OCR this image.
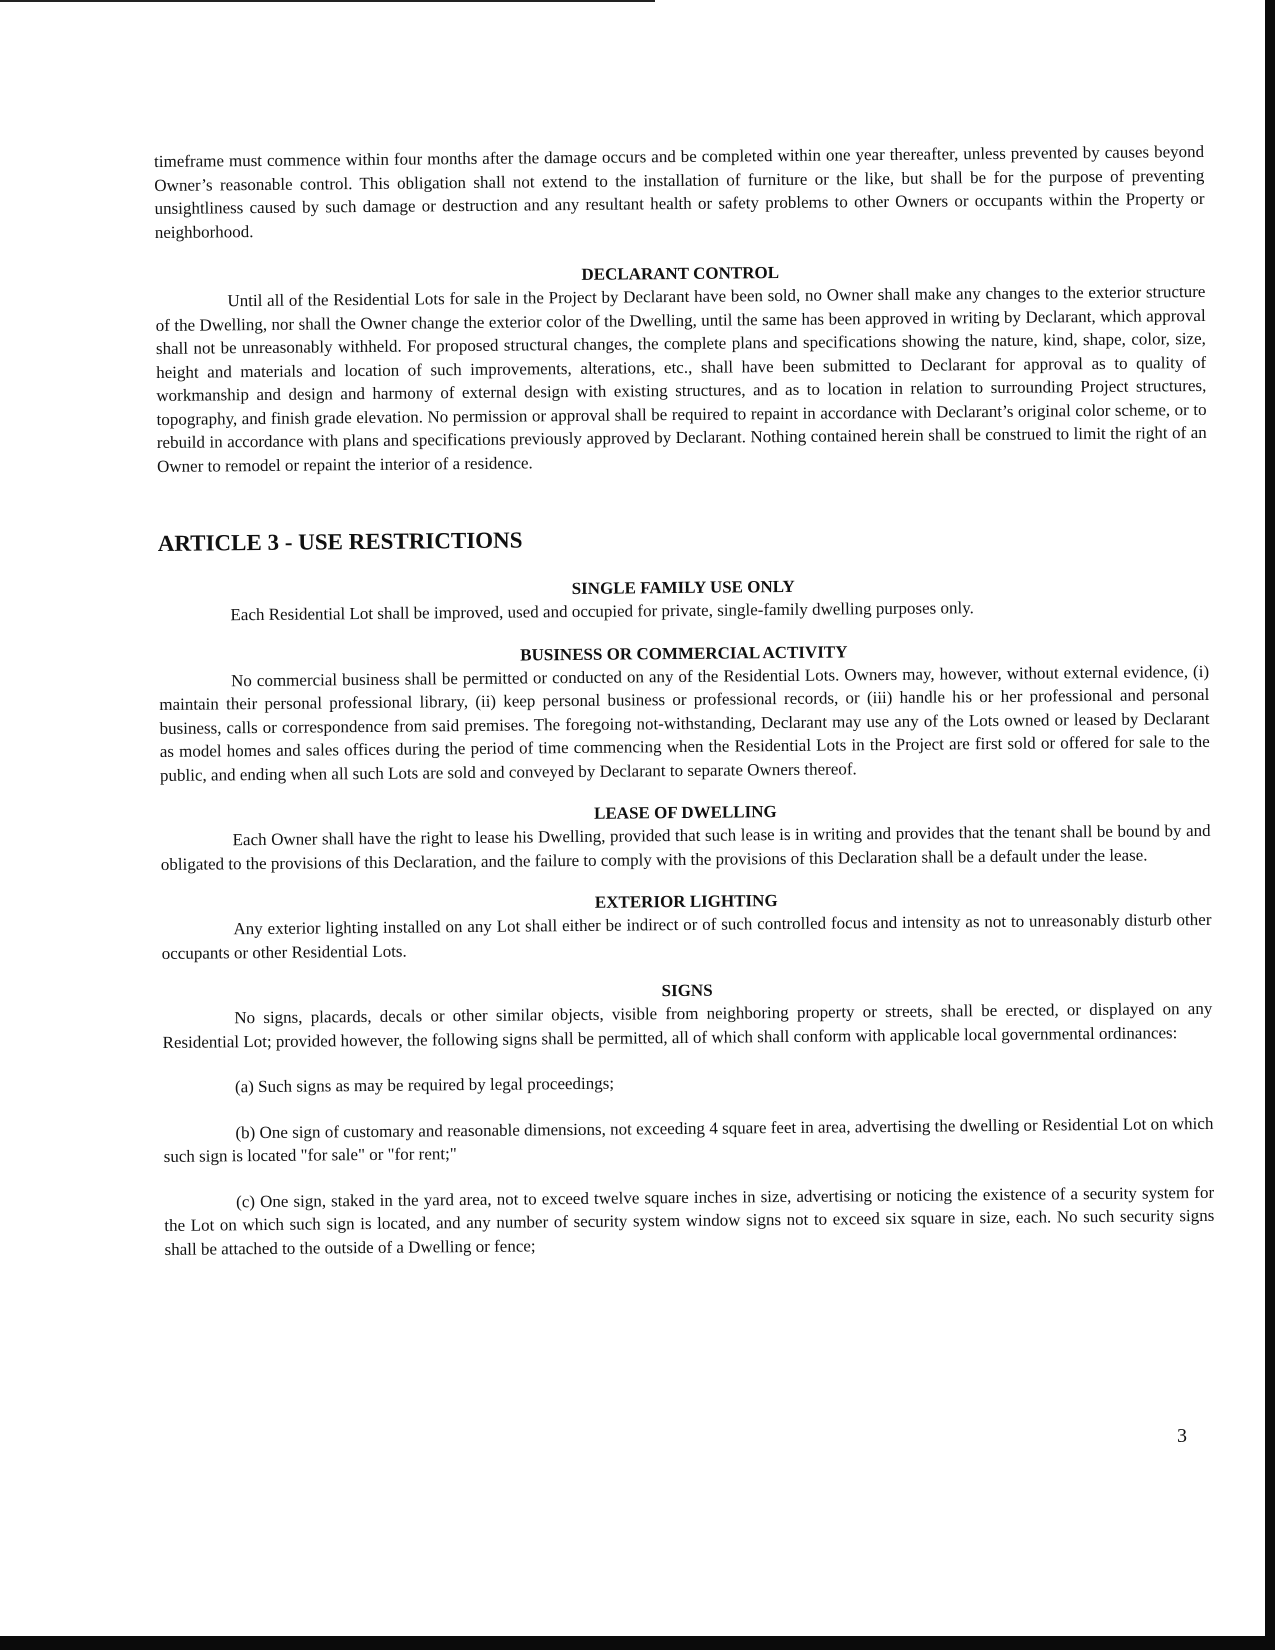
timeframe must commence within four months after the damage occurs and be completed within one year thereafter, unless prevented by causes beyond Owner’s reasonable control. This obligation shall not extend to the installation of furniture or the like, but shall be for the purpose of preventing unsightliness caused by such damage or destruction and any resultant health or safety problems to other Owners or occupants within the Property or neighborhood.

DECLARANT CONTROL

Until all of the Residential Lots for sale in the Project by Declarant have been sold, no Owner shall make any changes to the exterior structure of the Dwelling, nor shall the Owner change the exterior color of the Dwelling, until the same has been approved in writing by Declarant, which approval shall not be unreasonably withheld. For proposed structural changes, the complete plans and specifications showing the nature, kind, shape, color, size, height and materials and location of such improvements, alterations, etc., shall have been submitted to Declarant for approval as to quality of workmanship and design and harmony of external design with existing structures, and as to location in relation to surrounding Project structures, topography, and finish grade elevation. No permission or approval shall be required to repaint in accordance with Declarant’s original color scheme, or to rebuild in accordance with plans and specifications previously approved by Declarant. Nothing contained herein shall be construed to limit the right of an Owner to remodel or repaint the interior of a residence.

ARTICLE 3 - USE RESTRICTIONS
SINGLE FAMILY USE ONLY

Each Residential Lot shall be improved, used and occupied for private, single-family dwelling purposes only.

BUSINESS OR COMMERCIAL ACTIVITY

No commercial business shall be permitted or conducted on any of the Residential Lots. Owners may, however, without external evidence, (i) maintain their personal professional library, (ii) keep personal business or professional records, or (iii) handle his or her professional and personal business, calls or correspondence from said premises. The foregoing not-withstanding, Declarant may use any of the Lots owned or leased by Declarant as model homes and sales offices during the period of time commencing when the Residential Lots in the Project are first sold or offered for sale to the public, and ending when all such Lots are sold and conveyed by Declarant to separate Owners thereof.

LEASE OF DWELLING

Each Owner shall have the right to lease his Dwelling, provided that such lease is in writing and provides that the tenant shall be bound by and obligated to the provisions of this Declaration, and the failure to comply with the provisions of this Declaration shall be a default under the lease.

EXTERIOR LIGHTING

Any exterior lighting installed on any Lot shall either be indirect or of such controlled focus and intensity as not to unreasonably disturb other occupants or other Residential Lots.

SIGNS

No signs, placards, decals or other similar objects, visible from neighboring property or streets, shall be erected, or displayed on any Residential Lot; provided however, the following signs shall be permitted, all of which shall conform with applicable local governmental ordinances:

(a) Such signs as may be required by legal proceedings;

(b) One sign of customary and reasonable dimensions, not exceeding 4 square feet in area, advertising the dwelling or Residential Lot on which such sign is located "for sale" or "for rent;"

(c) One sign, staked in the yard area, not to exceed twelve square inches in size, advertising or noticing the existence of a security system for the Lot on which such sign is located, and any number of security system window signs not to exceed six square in size, each. No such security signs shall be attached to the outside of a Dwelling or fence;

3
